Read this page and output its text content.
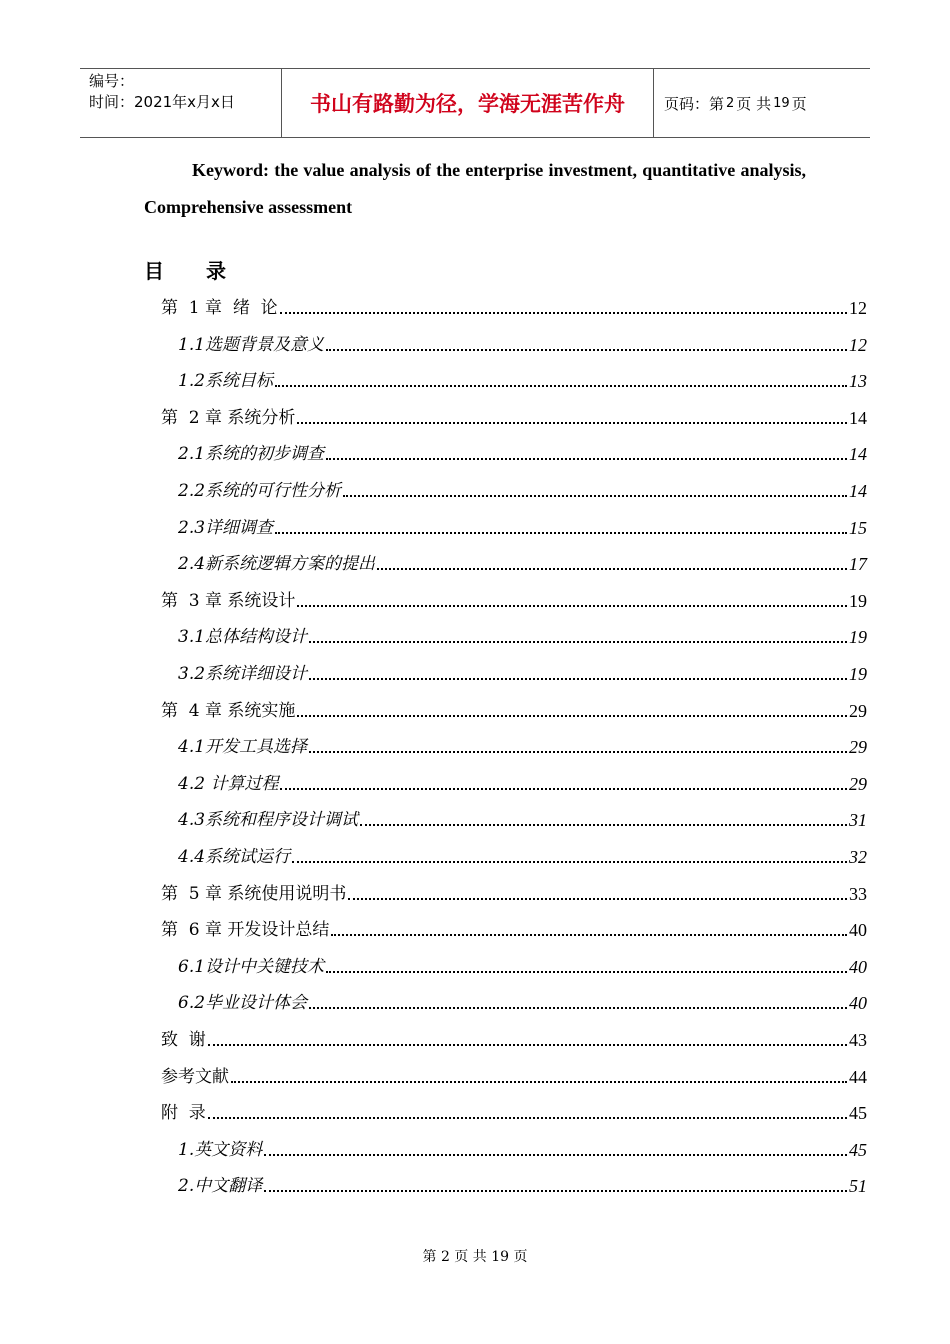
编号：
时间：2021年x月x日	书山有路勤为径，学海无涯苦作舟	页码：第 2 页 共 19 页
Keyword: the value analysis of the enterprise investment, quantitative analysis, Comprehensive assessment
目录
第  1 章  绪  论	12
1.1选题背景及意义	12
1.2系统目标	13
第  2 章 系统分析	14
2.1系统的初步调查	14
2.2系统的可行性分析	14
2.3详细调查	15
2.4新系统逻辑方案的提出	17
第  3 章 系统设计	19
3.1总体结构设计	19
3.2系统详细设计	19
第  4 章 系统实施	29
4.1开发工具选择	29
4.2 计算过程	29
4.3系统和程序设计调试	31
4.4系统试运行	32
第  5 章 系统使用说明书	33
第  6 章 开发设计总结	40
6.1设计中关键技术	40
6.2毕业设计体会	40
致  谢	43
参考文献	44
附  录	45
1.英文资料	45
2.中文翻译	51
第 2 页 共 19 页
